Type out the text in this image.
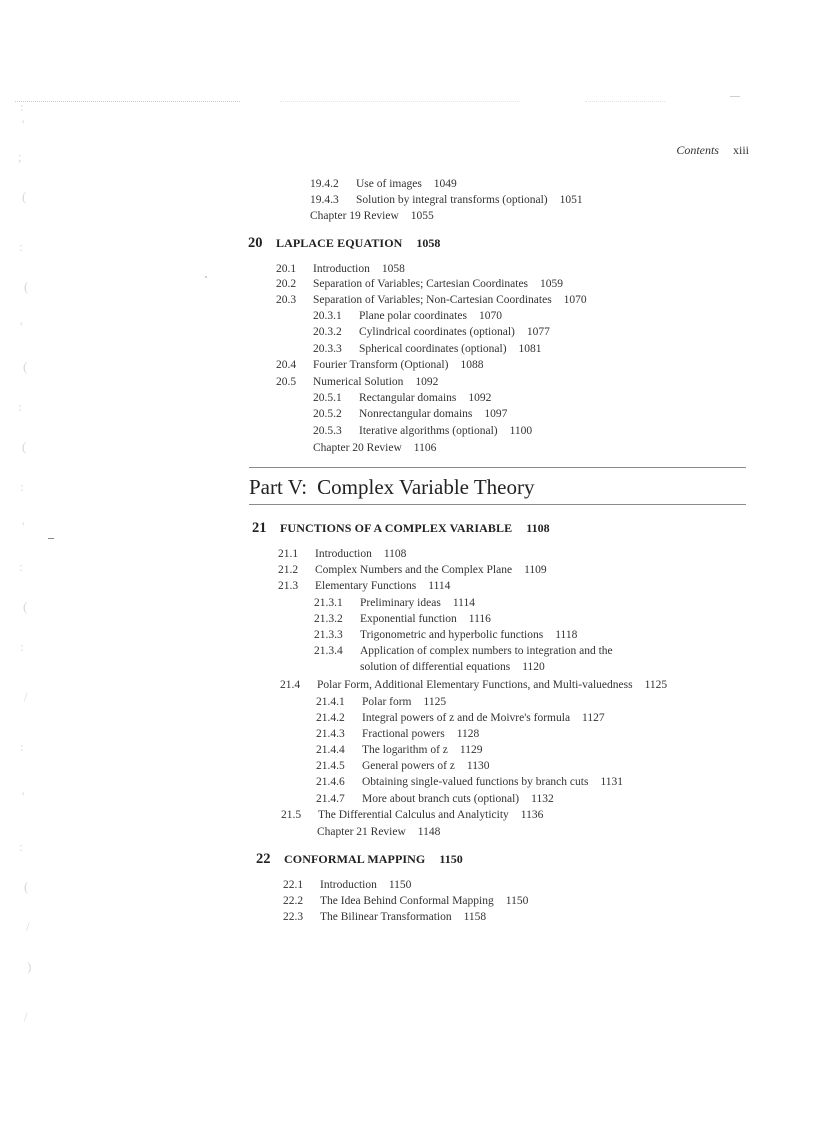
:
'
;
(
:
(
'
(
:
(
:
'
:
(
:
/
:
'
:
(
/
)
/
Contents xiii
19.4.2 Use of images 1049
19.4.3 Solution by integral transforms (optional) 1051
Chapter 19 Review 1055
20 LAPLACE EQUATION 1058
20.1 Introduction 1058
20.2 Separation of Variables; Cartesian Coordinates 1059
20.3 Separation of Variables; Non-Cartesian Coordinates 1070
20.3.1 Plane polar coordinates 1070
20.3.2 Cylindrical coordinates (optional) 1077
20.3.3 Spherical coordinates (optional) 1081
20.4 Fourier Transform (Optional) 1088
20.5 Numerical Solution 1092
20.5.1 Rectangular domains 1092
20.5.2 Nonrectangular domains 1097
20.5.3 Iterative algorithms (optional) 1100
Chapter 20 Review 1106
Part V: Complex Variable Theory
21 FUNCTIONS OF A COMPLEX VARIABLE 1108
21.1 Introduction 1108
21.2 Complex Numbers and the Complex Plane 1109
21.3 Elementary Functions 1114
21.3.1 Preliminary ideas 1114
21.3.2 Exponential function 1116
21.3.3 Trigonometric and hyperbolic functions 1118
21.3.4 Application of complex numbers to integration and the
solution of differential equations 1120
21.4 Polar Form, Additional Elementary Functions, and Multi-valuedness 1125
21.4.1 Polar form 1125
21.4.2 Integral powers of z and de Moivre's formula 1127
21.4.3 Fractional powers 1128
21.4.4 The logarithm of z 1129
21.4.5 General powers of z 1130
21.4.6 Obtaining single-valued functions by branch cuts 1131
21.4.7 More about branch cuts (optional) 1132
21.5 The Differential Calculus and Analyticity 1136
Chapter 21 Review 1148
22 CONFORMAL MAPPING 1150
22.1 Introduction 1150
22.2 The Idea Behind Conformal Mapping 1150
22.3 The Bilinear Transformation 1158
